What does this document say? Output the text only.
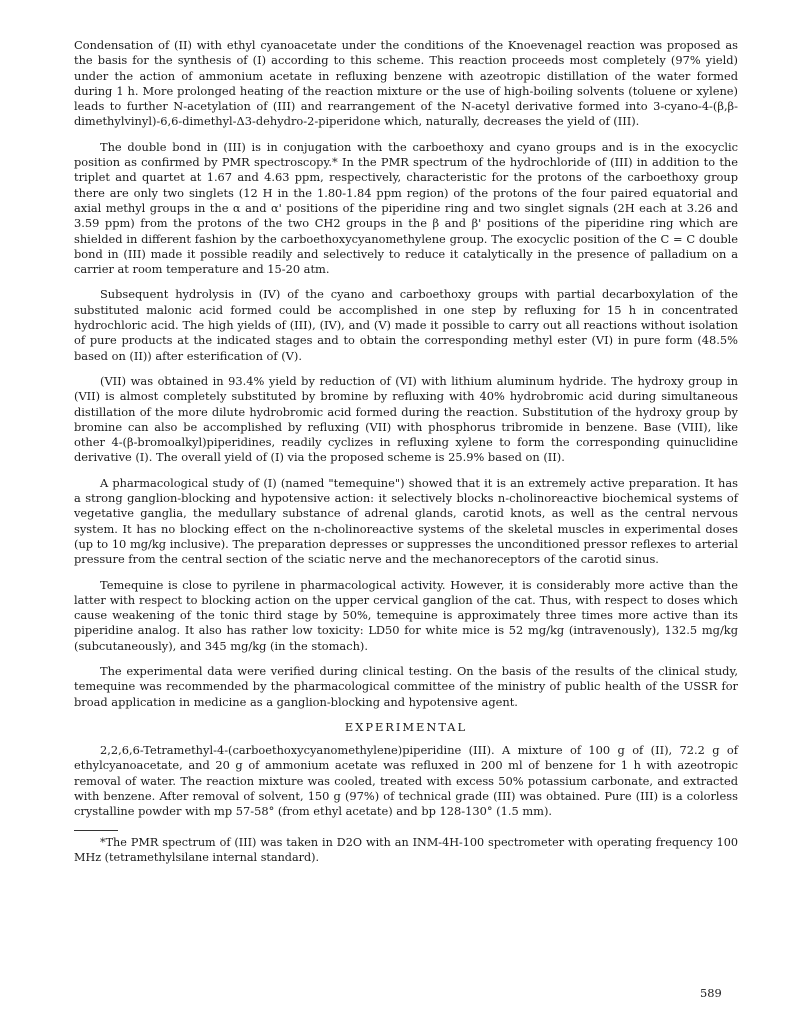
Condensation of (II) with ethyl cyanoacetate under the conditions of the Knoevenagel reaction was proposed as the basis for the synthesis of (I) according to this scheme. This reaction proceeds most completely (97% yield) under the action of ammonium acetate in refluxing benzene with azeotropic distillation of the water formed during 1 h. More prolonged heating of the reaction mixture or the use of high-boiling solvents (toluene or xylene) leads to further N-acetylation of (III) and rearrangement of the N-acetyl derivative formed into 3-cyano-4-(β,β-dimethylvinyl)-6,6-dimethyl-Δ3-dehydro-2-piperidone which, naturally, decreases the yield of (III).

The double bond in (III) is in conjugation with the carboethoxy and cyano groups and is in the exocyclic position as confirmed by PMR spectroscopy.* In the PMR spectrum of the hydrochloride of (III) in addition to the triplet and quartet at 1.67 and 4.63 ppm, respectively, characteristic for the protons of the carboethoxy group there are only two singlets (12 H in the 1.80-1.84 ppm region) of the protons of the four paired equatorial and axial methyl groups in the α and α' positions of the piperidine ring and two singlet signals (2H each at 3.26 and 3.59 ppm) from the protons of the two CH2 groups in the β and β' positions of the piperidine ring which are shielded in different fashion by the carboethoxycyanomethylene group. The exocyclic position of the C = C double bond in (III) made it possible readily and selectively to reduce it catalytically in the presence of palladium on a carrier at room temperature and 15-20 atm.

Subsequent hydrolysis in (IV) of the cyano and carboethoxy groups with partial decarboxylation of the substituted malonic acid formed could be accomplished in one step by refluxing for 15 h in concentrated hydrochloric acid. The high yields of (III), (IV), and (V) made it possible to carry out all reactions without isolation of pure products at the indicated stages and to obtain the corresponding methyl ester (VI) in pure form (48.5% based on (II)) after esterification of (V).

(VII) was obtained in 93.4% yield by reduction of (VI) with lithium aluminum hydride. The hydroxy group in (VII) is almost completely substituted by bromine by refluxing with 40% hydrobromic acid during simultaneous distillation of the more dilute hydrobromic acid formed during the reaction. Substitution of the hydroxy group by bromine can also be accomplished by refluxing (VII) with phosphorus tribromide in benzene. Base (VIII), like other 4-(β-bromoalkyl)piperidines, readily cyclizes in refluxing xylene to form the corresponding quinuclidine derivative (I). The overall yield of (I) via the proposed scheme is 25.9% based on (II).

A pharmacological study of (I) (named "temequine") showed that it is an extremely active preparation. It has a strong ganglion-blocking and hypotensive action: it selectively blocks n-cholinoreactive biochemical systems of vegetative ganglia, the medullary substance of adrenal glands, carotid knots, as well as the central nervous system. It has no blocking effect on the n-cholinoreactive systems of the skeletal muscles in experimental doses (up to 10 mg/kg inclusive). The preparation depresses or suppresses the unconditioned pressor reflexes to arterial pressure from the central section of the sciatic nerve and the mechanoreceptors of the carotid sinus.

Temequine is close to pyrilene in pharmacological activity. However, it is considerably more active than the latter with respect to blocking action on the upper cervical ganglion of the cat. Thus, with respect to doses which cause weakening of the tonic third stage by 50%, temequine is approximately three times more active than its piperidine analog. It also has rather low toxicity: LD50 for white mice is 52 mg/kg (intravenously), 132.5 mg/kg (subcutaneously), and 345 mg/kg (in the stomach).

The experimental data were verified during clinical testing. On the basis of the results of the clinical study, temequine was recommended by the pharmacological committee of the ministry of public health of the USSR for broad application in medicine as a ganglion-blocking and hypotensive agent.

EXPERIMENTAL

2,2,6,6-Tetramethyl-4-(carboethoxycyanomethylene)piperidine (III). A mixture of 100 g of (II), 72.2 g of ethylcyanoacetate, and 20 g of ammonium acetate was refluxed in 200 ml of benzene for 1 h with azeotropic removal of water. The reaction mixture was cooled, treated with excess 50% potassium carbonate, and extracted with benzene. After removal of solvent, 150 g (97%) of technical grade (III) was obtained. Pure (III) is a colorless crystalline powder with mp 57-58° (from ethyl acetate) and bp 128-130° (1.5 mm).

*The PMR spectrum of (III) was taken in D2O with an INM-4H-100 spectrometer with operating frequency 100 MHz (tetramethylsilane internal standard).

589
